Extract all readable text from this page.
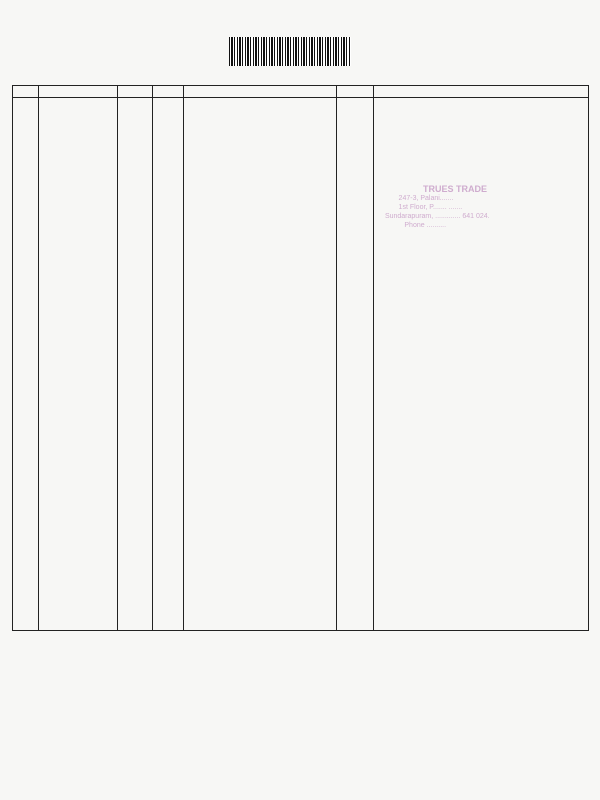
TRUES TRADE
247-3, Palani.......
1st Floor, P....... .......
Sundarapuram, ............. 641 024.
Phone ..........
